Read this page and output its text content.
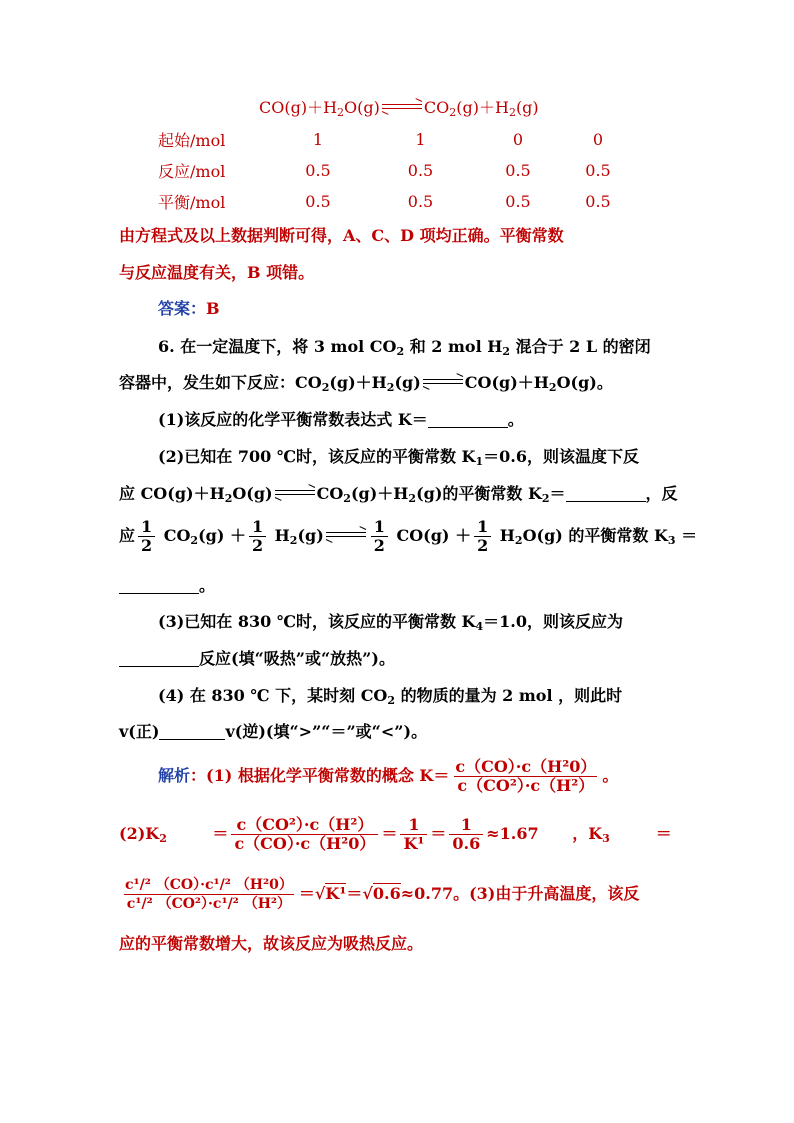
$CO(g)+H_2O(g)$	$CO_2(g)+H_2(g)$
起始/mol	1	1	0	0
反应/mol	0.5	0.5	0.5	0.5
平衡/mol	0.5	0.5	0.5	0.5
由方程式及以上数据判断可得，A、C、D 项均正确。平衡常数
与反应温度有关，B 项错。
答案：B
6. 在一定温度下，将 3 mol $CO_2$ 和 2 mol $H_2$ 混合于 2 L 的密闭
容器中，发生如下反应：$CO_2(g)+H_2(g)$	$CO(g)+H_2O(g)$。
(1)该反应的化学平衡常数表达式 K＝	。
(2)已知在 700 ℃时，该反应的平衡常数 $K_1=0.6$，则该温度下反
应 $CO(g)+H_2O(g)$	$CO_2(g)+H_2(g)$的平衡常数 $K_2=$	，反
应 $\frac{1}{2} CO_2(g) + \frac{1}{2} H_2(g)$	$\frac{1}{2} CO(g) + \frac{1}{2} H_2O(g)$ 的平衡常数 $K_3$ ＝
。
(3)已知在 830 ℃时，该反应的平衡常数 $K_4=1.0$，则该反应为
反应(填“吸热”或“放热”)。
(4) 在 830 ℃ 下，某时刻 $CO_2$ 的物质的量为 2 mol ，则此时
v(正)	v(逆)(填“>”“＝”或“<”)。
解析：(1) 根据化学平衡常数的概念 $K= \frac{\text{c（CO）·c（H²0）}}{\text{c（CO²）·c（H²）}}$ 。
$(2)K_2$	＝ $\frac{\text{c（CO²）·c（H²）}}{\text{c（CO）·c（H²0）}} = \frac{1}{\text{K¹}} = \frac{1}{0.6} \approx 1.67$ ，$K_3$	＝
$\frac{\text{c¹/² （CO）·c¹/² （H²0）}}{\text{c¹/² （CO²）·c¹/² （H²）}} =√K^1=√0.6\approx 0.77$。(3)由于升高温度，该反
应的平衡常数增大，故该反应为吸热反应。
